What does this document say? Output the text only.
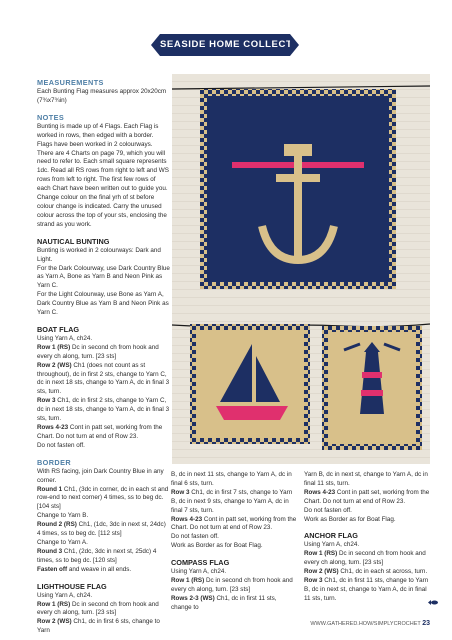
SEASIDE HOME COLLECTION

MEASUREMENTS

Each Bunting Flag measures approx 20x20cm (7¾x7¾in)

NOTES

Bunting is made up of 4 Flags. Each Flag is worked in rows, then edged with a border. Flags have been worked in 2 colourways. There are 4 Charts on page 79, which you will need to refer to. Each small square represents 1dc. Read all RS rows from right to left and WS rows from left to right. The first few rows of each Chart have been written out to guide you. Change colour on the final yrh of st before colour change is indicated. Carry the unused colour across the top of your sts, enclosing the strand as you work.

NAUTICAL BUNTING

Bunting is worked in 2 colourways: Dark and Light.

For the Dark Colourway, use Dark Country Blue as Yarn A, Bone as Yarn B and Neon Pink as Yarn C.

For the Light Colourway, use Bone as Yarn A, Dark Country Blue as Yarn B and Neon Pink as Yarn C.

BOAT FLAG

Using Yarn A, ch24.

Row 1 (RS) Dc in second ch from hook and every ch along, turn. [23 sts]

Row 2 (WS) Ch1 (does not count as st throughout), dc in first 2 sts, change to Yarn C, dc in next 18 sts, change to Yarn A, dc in final 3 sts, turn.

Row 3 Ch1, dc in first 2 sts, change to Yarn C, dc in next 18 sts, change to Yarn A, dc in final 3 sts, turn.

Rows 4-23 Cont in patt set, working from the Chart. Do not turn at end of Row 23.

Do not fasten off.

BORDER

With RS facing, join Dark Country Blue in any corner.

Round 1 Ch1, (3dc in corner, dc in each st and row-end to next corner) 4 times, ss to beg dc. [104 sts]

Change to Yarn B.

Round 2 (RS) Ch1, (1dc, 3dc in next st, 24dc) 4 times, ss to beg dc. [112 sts]

Change to Yarn A.

Round 3 Ch1, (2dc, 3dc in next st, 25dc) 4 times, ss to beg dc. [120 sts]

Fasten off and weave in all ends.

LIGHTHOUSE FLAG

Using Yarn A, ch24.

Row 1 (RS) Dc in second ch from hook and every ch along, turn. [23 sts]

Row 2 (WS) Ch1, dc in first 6 sts, change to Yarn

B, dc in next 11 sts, change to Yarn A, dc in final 6 sts, turn.

Row 3 Ch1, dc in first 7 sts, change to Yarn B, dc in next 9 sts, change to Yarn A, dc in final 7 sts, turn.

Rows 4-23 Cont in patt set, working from the Chart. Do not turn at end of Row 23.

Do not fasten off.

Work as Border as for Boat Flag.

COMPASS FLAG

Using Yarn A, ch24.

Row 1 (RS) Dc in second ch from hook and every ch along, turn. [23 sts]

Rows 2-3 (WS) Ch1, dc in first 11 sts, change to

Yarn B, dc in next st, change to Yarn A, dc in final 11 sts, turn.

Rows 4-23 Cont in patt set, working from the Chart. Do not turn at end of Row 23.

Do not fasten off.

Work as Border as for Boat Flag.

ANCHOR FLAG

Using Yarn A, ch24.

Row 1 (RS) Dc in second ch from hook and every ch along, turn. [23 sts]

Row 2 (WS) Ch1, dc in each st across, turn.

Row 3 Ch1, dc in first 11 sts, change to Yarn B, dc in next st, change to Yarn A, dc in final 11 sts, turn.

WWW.GATHERED.HOW/SIMPLYCROCHET 23
